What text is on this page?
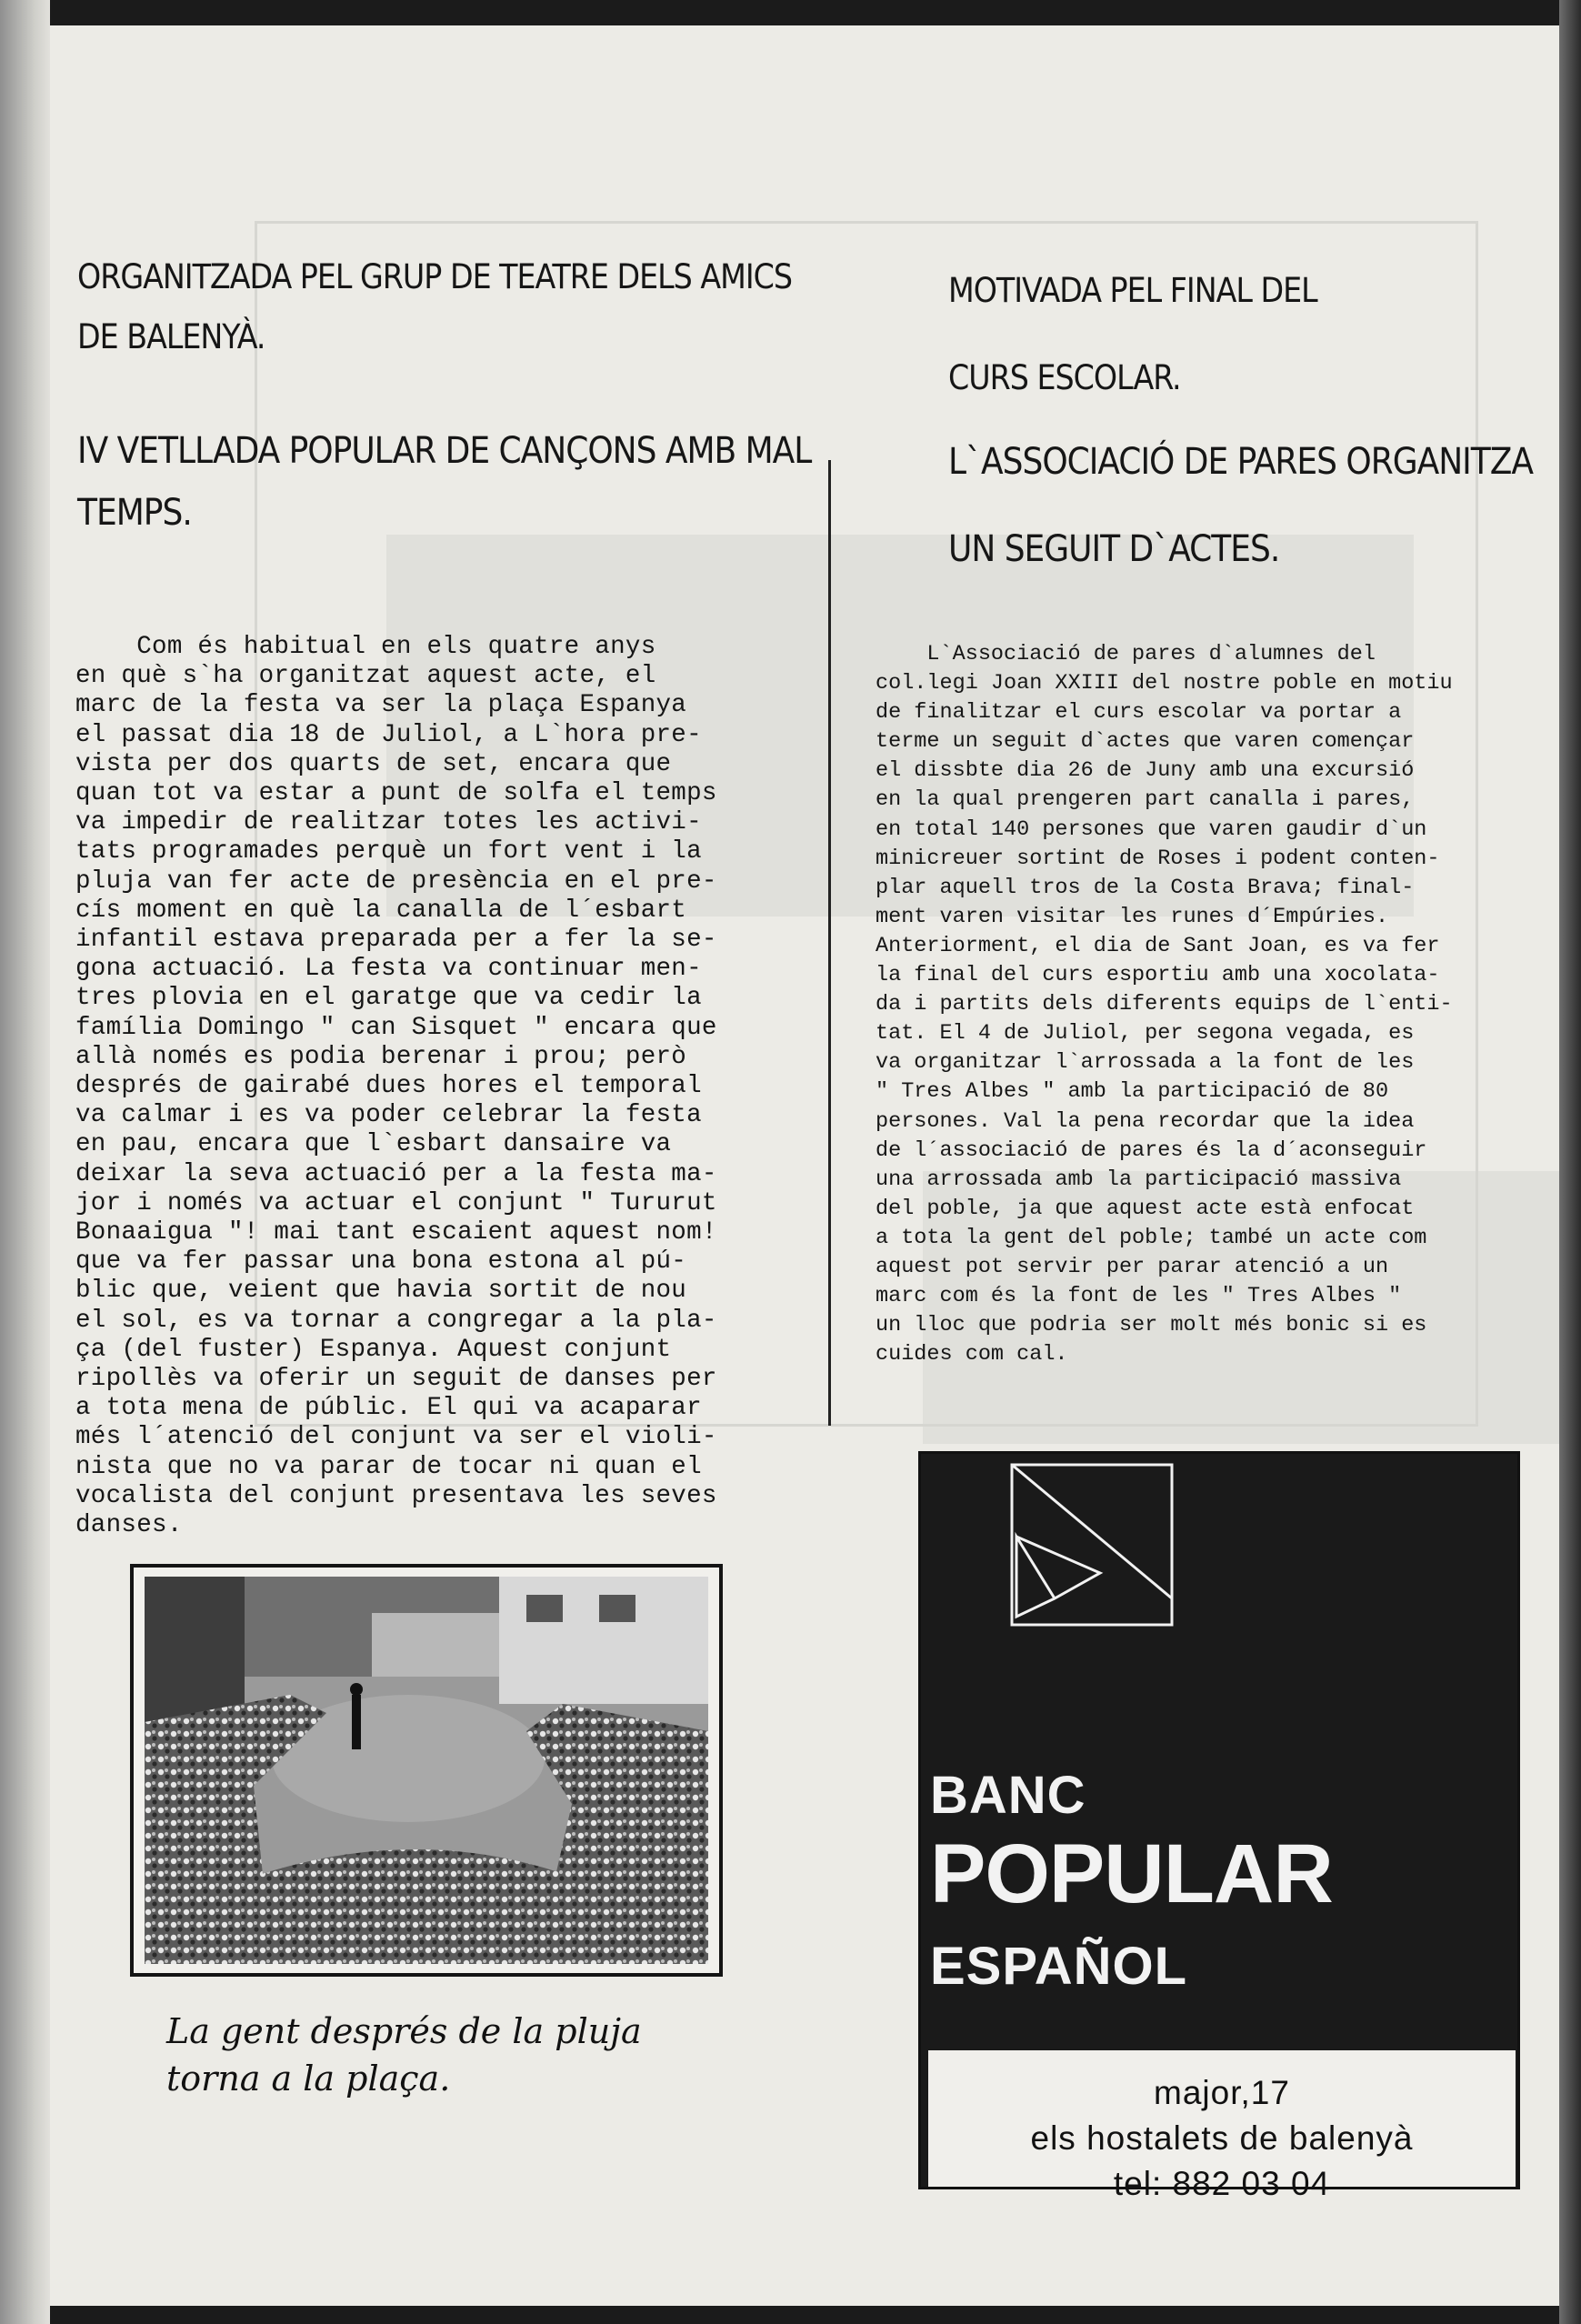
ORGANITZADA PEL GRUP DE TEATRE DELS AMICS
DE BALENYÀ.
IV VETLLADA POPULAR DE CANÇONS AMB MAL
TEMPS.
Com és habitual en els quatre anys
en què s`ha organitzat aquest acte, el
marc de la festa va ser la plaça Espanya
el passat dia 18 de Juliol, a L`hora pre-
vista per dos quarts de set, encara que
quan tot va estar a punt de solfa el temps
va impedir de realitzar totes les activi-
tats programades perquè un fort vent i la
pluja van fer acte de presència en el pre-
cís moment en què la canalla de l´esbart
infantil estava preparada per a fer la se-
gona actuació. La festa va continuar men-
tres plovia en el garatge que va cedir la
família Domingo " can Sisquet " encara que
allà només es podia berenar i prou; però
després de gairabé dues hores el temporal
va calmar i es va poder celebrar la festa
en pau, encara que l`esbart dansaire va
deixar la seva actuació per a la festa ma-
jor i només va actuar el conjunt " Tururut
Bonaaigua "! mai tant escaient aquest nom!
que va fer passar una bona estona al pú-
blic que, veient que havia sortit de nou
el sol, es va tornar a congregar a la pla-
ça (del fuster) Espanya. Aquest conjunt
ripollès va oferir un seguit de danses per
a tota mena de públic. El qui va acaparar
més l´atenció del conjunt va ser el violi-
nista que no va parar de tocar ni quan el
vocalista del conjunt presentava les seves
danses.
MOTIVADA PEL FINAL DEL
CURS ESCOLAR.
L`ASSOCIACIÓ DE PARES ORGANITZA
UN SEGUIT D`ACTES.
L`Associació de pares d`alumnes del
col.legi Joan XXIII del nostre poble en motiu
de finalitzar el curs escolar va portar a
terme un seguit d`actes que varen començar
el dissbte dia 26 de Juny amb una excursió
en la qual prengeren part canalla i pares,
en total 140 persones que varen gaudir d`un
minicreuer sortint de Roses i podent conten-
plar aquell tros de la Costa Brava; final-
ment varen visitar les runes d´Empúries.
Anteriorment, el dia de Sant Joan, es va fer
la final del curs esportiu amb una xocolata-
da i partits dels diferents equips de l`enti-
tat. El 4 de Juliol, per segona vegada, es
va organitzar l`arrossada a la font de les
" Tres Albes " amb la participació de 80
persones. Val la pena recordar que la idea
de l´associació de pares és la d´aconseguir
una arrossada amb la participació massiva
del poble, ja que aquest acte està enfocat
a tota la gent del poble; també un acte com
aquest pot servir per parar atenció a un
marc com és la font de les " Tres Albes "
un lloc que podria ser molt més bonic si es
cuides com cal.

La gent després de la pluja
torna a la plaça.

BANC

POPULAR

ESPAÑOL

major,17

els hostalets de balenyà

tel: 882 03 04
